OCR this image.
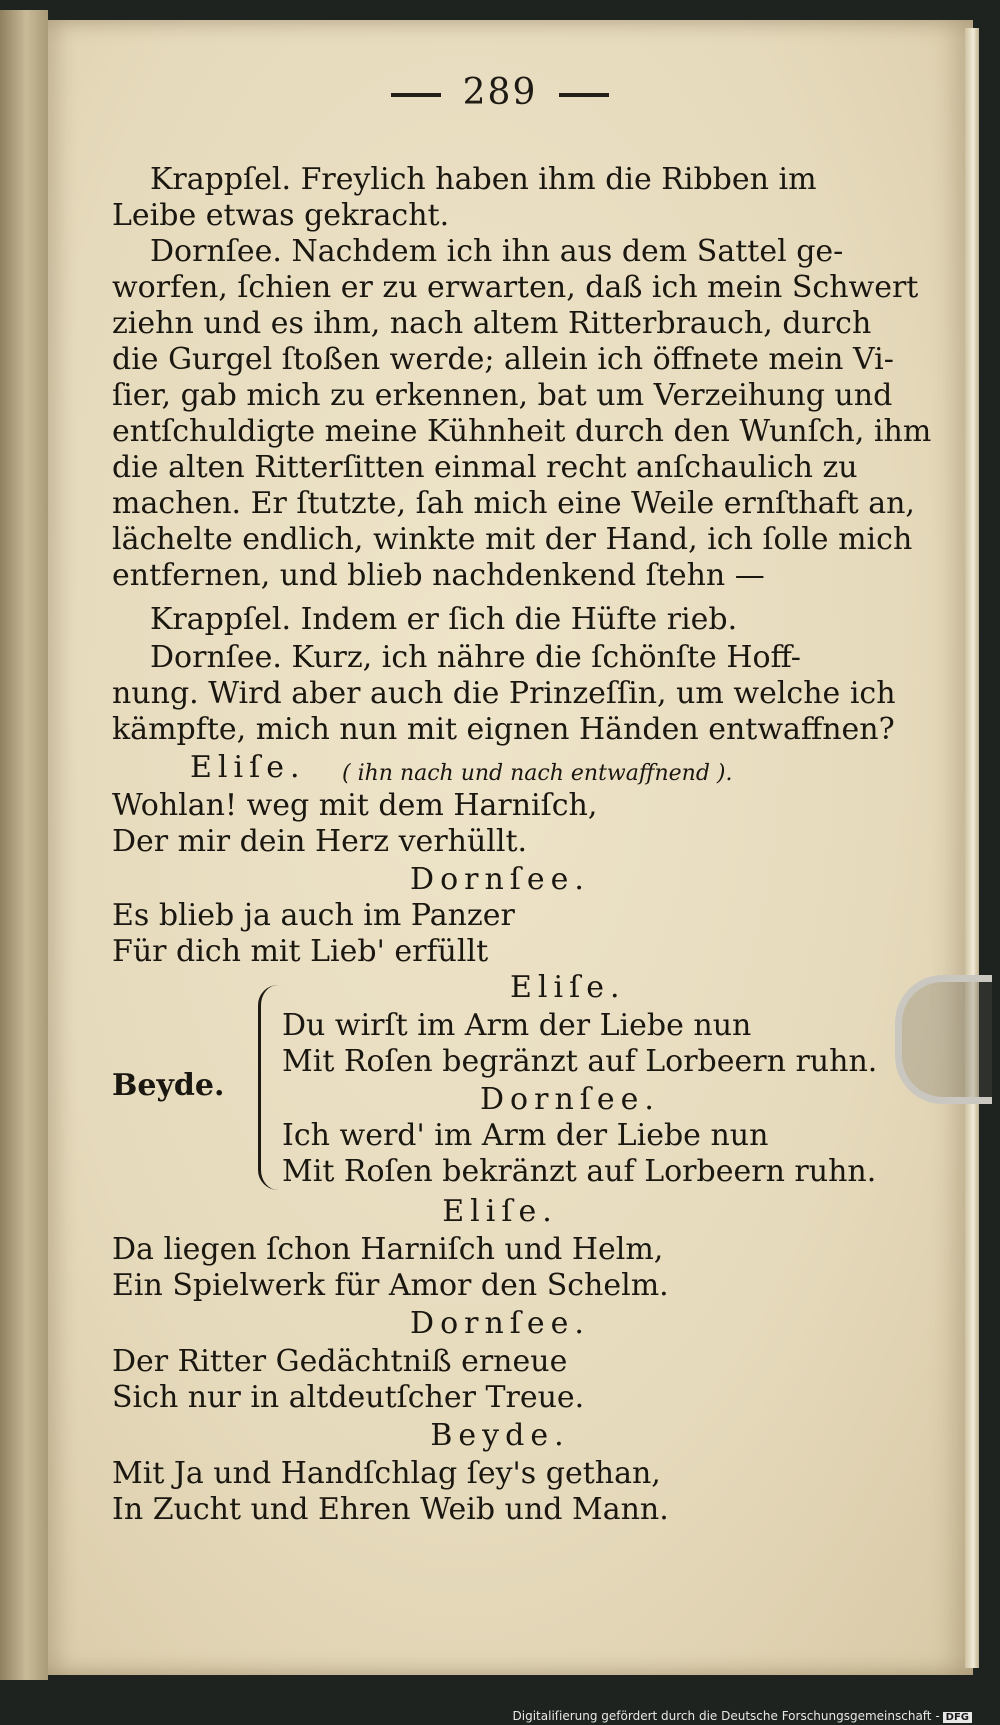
289
Krappſel. Freylich haben ihm die Ribben im
Leibe etwas gekracht.
Dornſee. Nachdem ich ihn aus dem Sattel ge-
worfen, ſchien er zu erwarten, daß ich mein Schwert
ziehn und es ihm, nach altem Ritterbrauch, durch
die Gurgel ſtoßen werde; allein ich öffnete mein Vi-
ſier, gab mich zu erkennen, bat um Verzeihung und
entſchuldigte meine Kühnheit durch den Wunſch, ihm
die alten Ritterſitten einmal recht anſchaulich zu
machen. Er ſtutzte, ſah mich eine Weile ernſthaft an,
lächelte endlich, winkte mit der Hand, ich ſolle mich
entfernen, und blieb nachdenkend ſtehn —
Krappſel. Indem er ſich die Hüfte rieb.
Dornſee. Kurz, ich nähre die ſchönſte Hoff-
nung. Wird aber auch die Prinzeſſin, um welche ich
kämpfte, mich nun mit eignen Händen entwaffnen?
Eliſe. ( ihn nach und nach entwaffnend ).
Wohlan! weg mit dem Harniſch,
Der mir dein Herz verhüllt.
Dornſee.
Es blieb ja auch im Panzer
Für dich mit Lieb' erfüllt
Eliſe.
Beyde.
Du wirſt im Arm der Liebe nun
Mit Roſen begränzt auf Lorbeern ruhn.
Dornſee.
Ich werd' im Arm der Liebe nun
Mit Roſen bekränzt auf Lorbeern ruhn.
Eliſe.
Da liegen ſchon Harniſch und Helm,
Ein Spielwerk für Amor den Schelm.
Dornſee.
Der Ritter Gedächtniß erneue
Sich nur in altdeutſcher Treue.
Beyde.
Mit Ja und Handſchlag ſey's gethan,
In Zucht und Ehren Weib und Mann.
Digitaliſierung gefördert durch die Deutsche Forschungsgemeinschaft - DFG
